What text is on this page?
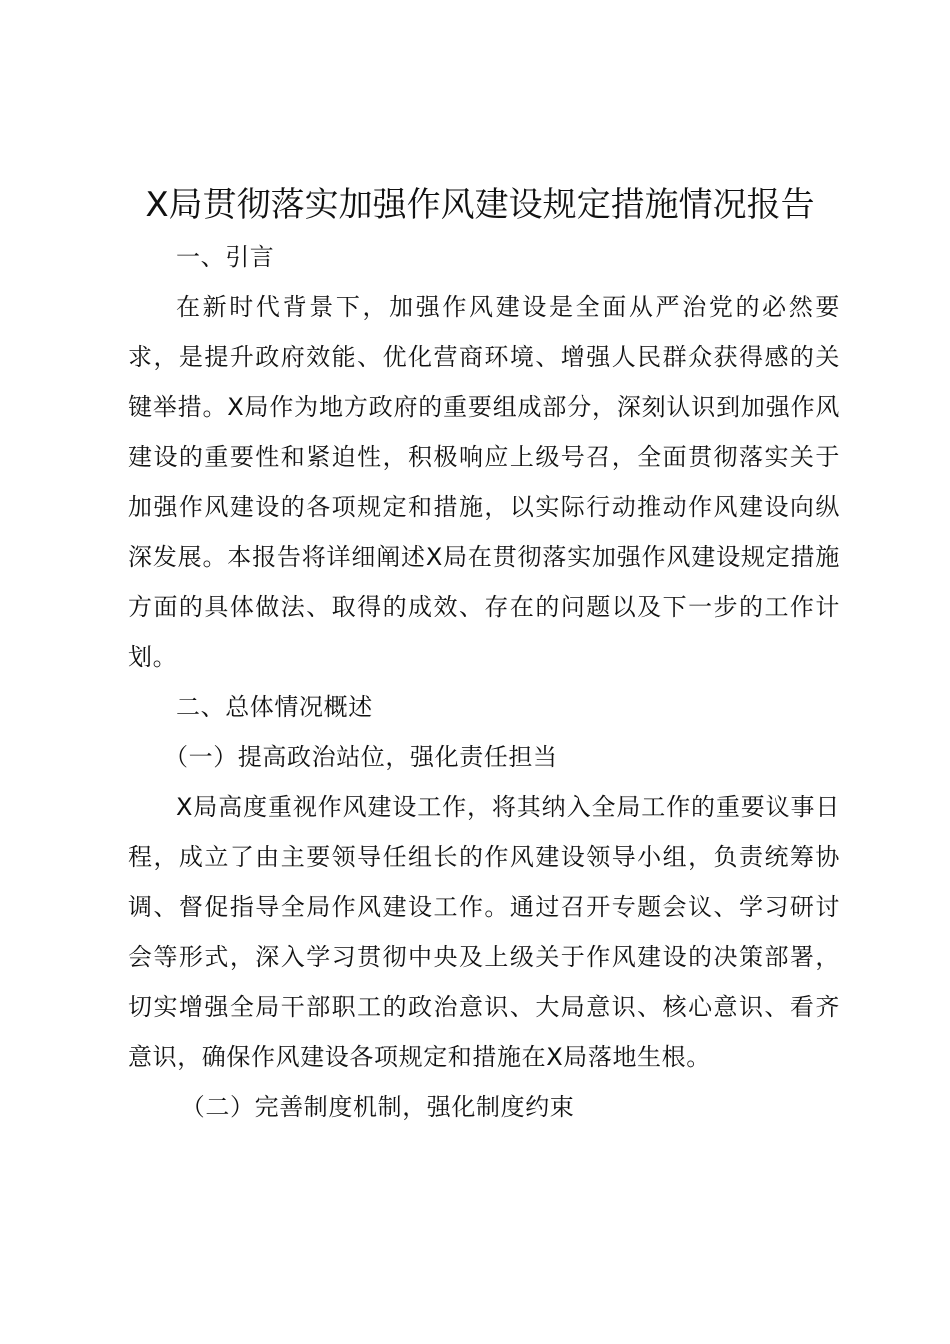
X局贯彻落实加强作风建设规定措施情况报告

一、引言

在新时代背景下，加强作风建设是全面从严治党的必然要求，是提升政府效能、优化营商环境、增强人民群众获得感的关键举措。X局作为地方政府的重要组成部分，深刻认识到加强作风建设的重要性和紧迫性，积极响应上级号召，全面贯彻落实关于加强作风建设的各项规定和措施，以实际行动推动作风建设向纵深发展。本报告将详细阐述X局在贯彻落实加强作风建设规定措施方面的具体做法、取得的成效、存在的问题以及下一步的工作计划。

二、总体情况概述

（一）提高政治站位，强化责任担当

X局高度重视作风建设工作，将其纳入全局工作的重要议事日程，成立了由主要领导任组长的作风建设领导小组，负责统筹协调、督促指导全局作风建设工作。通过召开专题会议、学习研讨会等形式，深入学习贯彻中央及上级关于作风建设的决策部署，切实增强全局干部职工的政治意识、大局意识、核心意识、看齐意识，确保作风建设各项规定和措施在X局落地生根。

（二）完善制度机制，强化制度约束
